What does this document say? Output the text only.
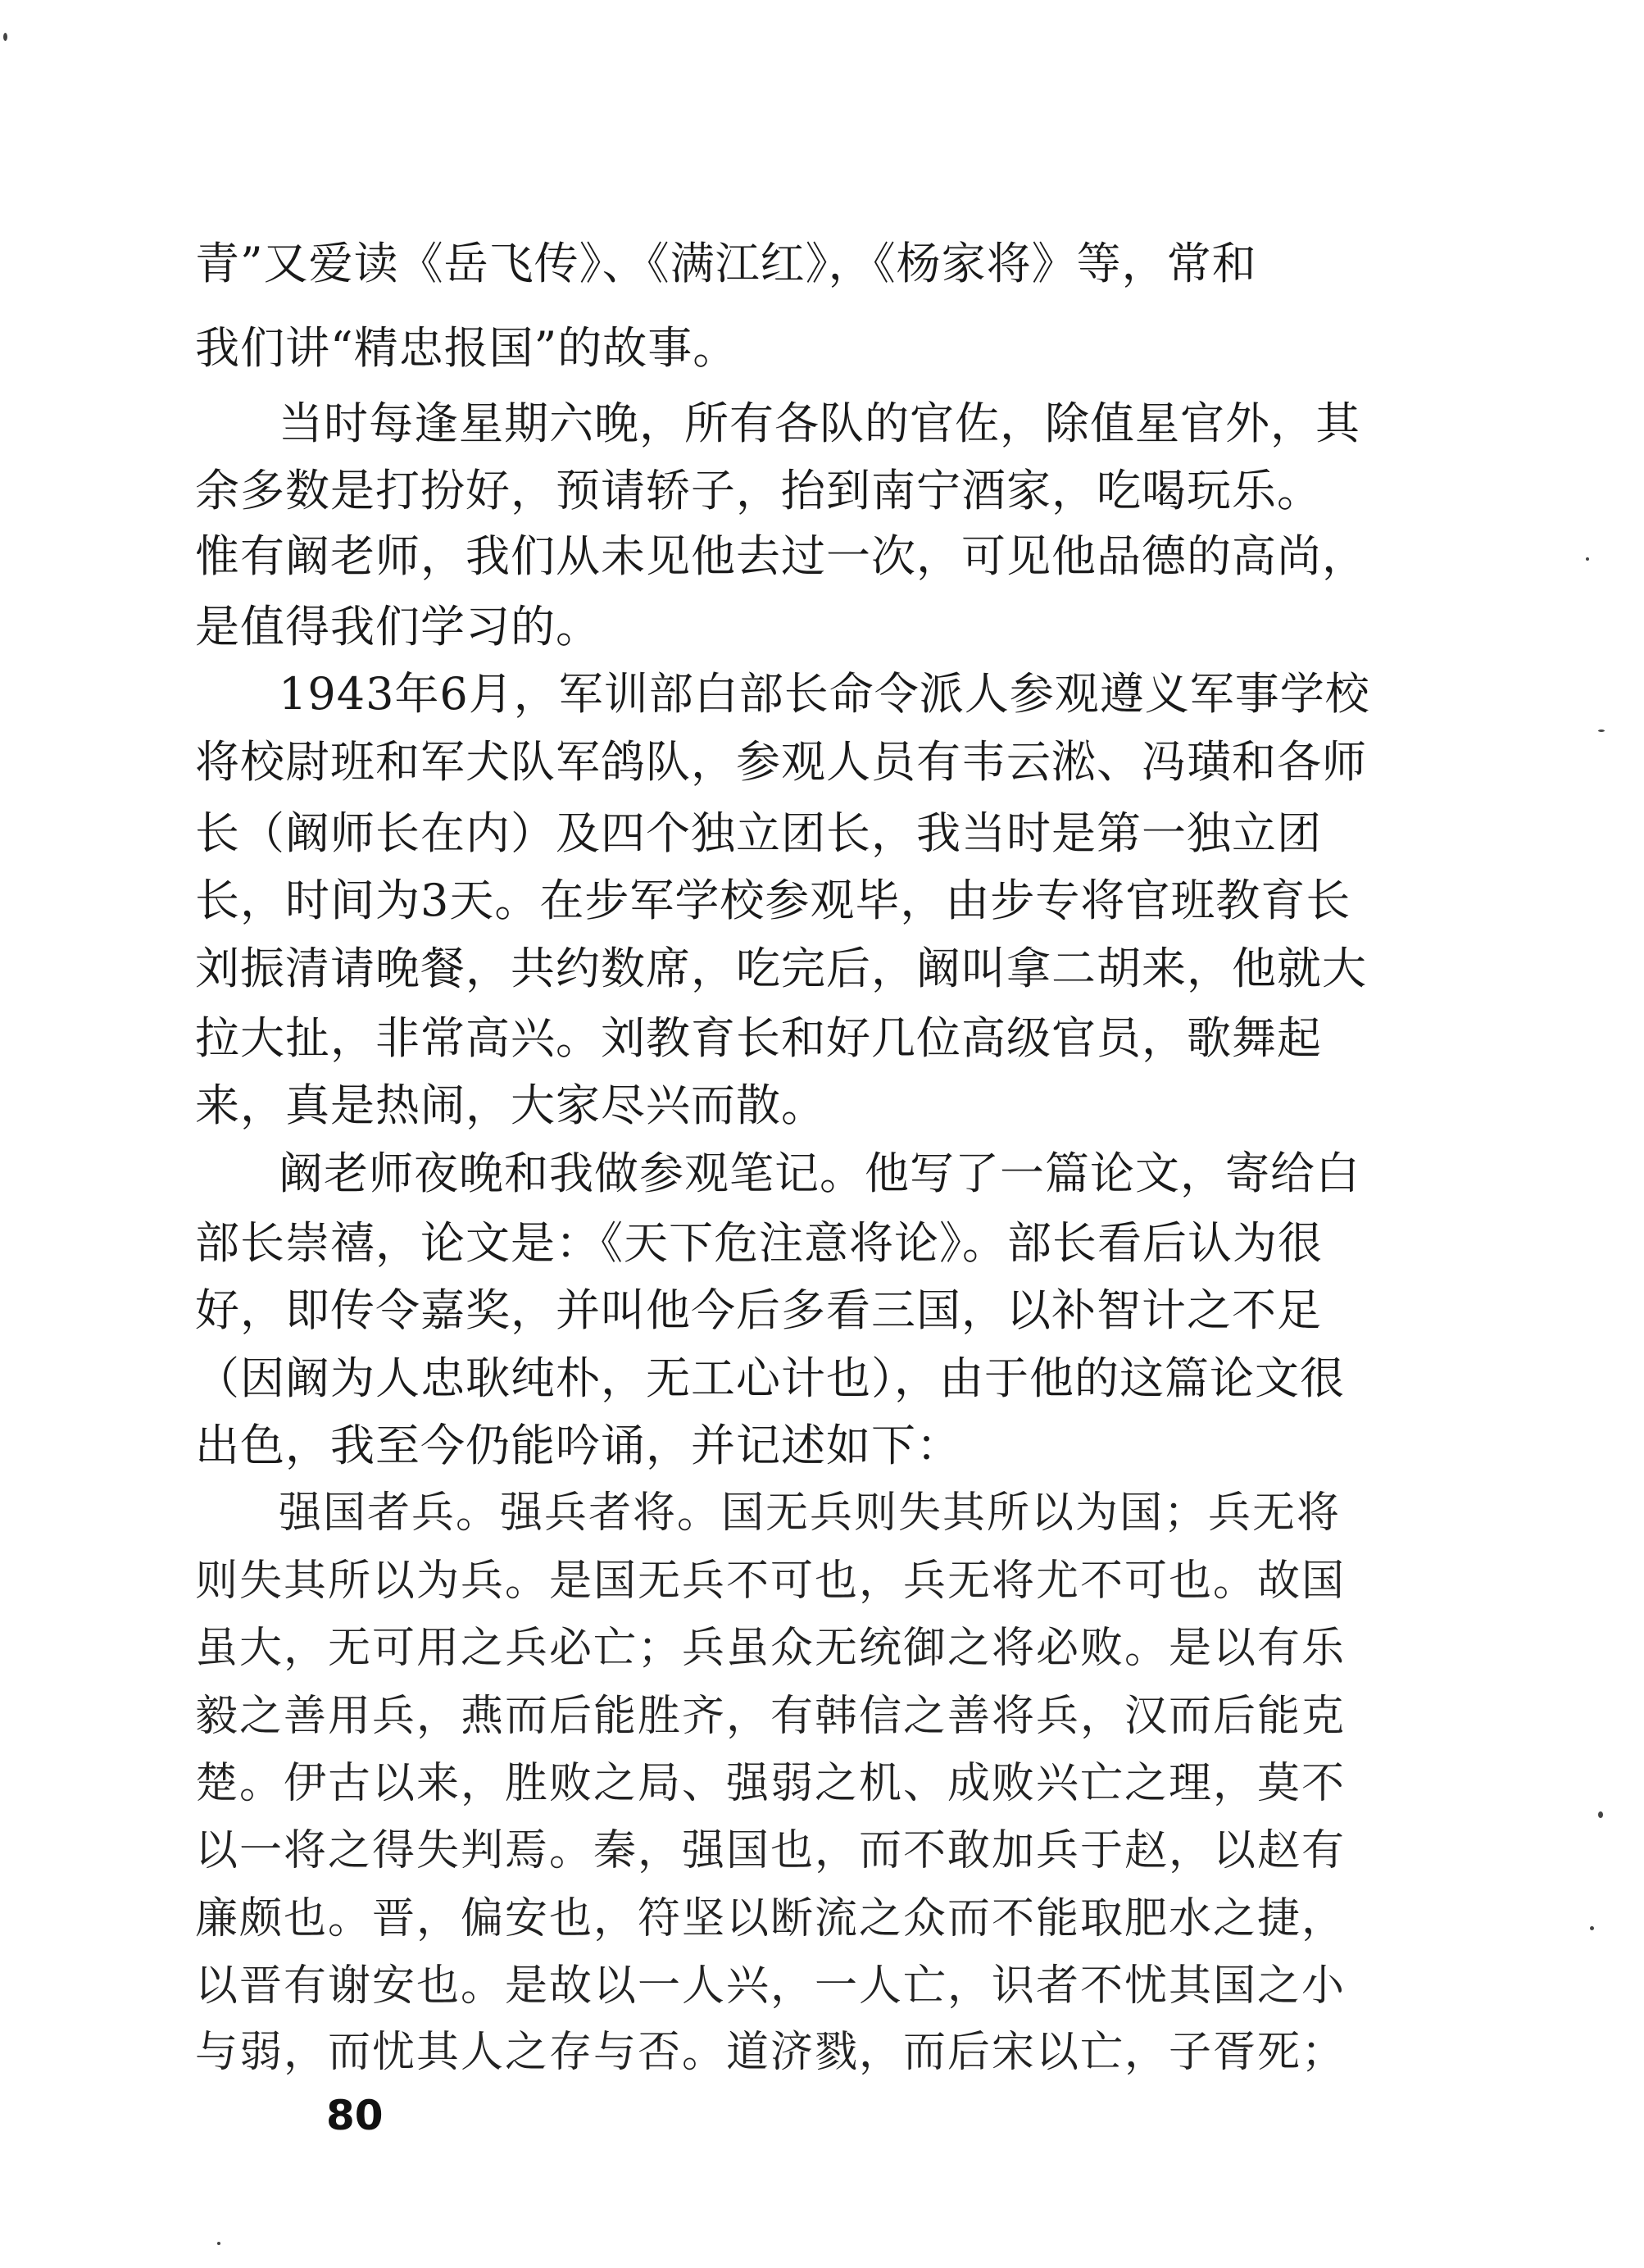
青”又爱读《岳飞传》、《满江红》，《杨家将》等，常和
我们讲“精忠报国”的故事。
当时每逢星期六晚，所有各队的官佐，除值星官外，其
余多数是打扮好，预请轿子，抬到南宁酒家，吃喝玩乐。
惟有阚老师，我们从未见他去过一次，可见他品德的高尚，
是值得我们学习的。
1943年6月，军训部白部长命令派人参观遵义军事学校
将校尉班和军犬队军鸽队，参观人员有韦云淞、冯璜和各师
长（阚师长在内）及四个独立团长，我当时是第一独立团
长，时间为3天。在步军学校参观毕，由步专将官班教育长
刘振清请晚餐，共约数席，吃完后，阚叫拿二胡来，他就大
拉大扯，非常高兴。刘教育长和好几位高级官员，歌舞起
来，真是热闹，大家尽兴而散。
阚老师夜晚和我做参观笔记。他写了一篇论文，寄给白
部长崇禧，论文是：《天下危注意将论》。部长看后认为很
好，即传令嘉奖，并叫他今后多看三国，以补智计之不足
（因阚为人忠耿纯朴，无工心计也），由于他的这篇论文很
出色，我至今仍能吟诵，并记述如下：
强国者兵。强兵者将。国无兵则失其所以为国；兵无将
则失其所以为兵。是国无兵不可也，兵无将尤不可也。故国
虽大，无可用之兵必亡；兵虽众无统御之将必败。是以有乐
毅之善用兵，燕而后能胜齐，有韩信之善将兵，汉而后能克
楚。伊古以来，胜败之局、强弱之机、成败兴亡之理，莫不
以一将之得失判焉。秦，强国也，而不敢加兵于赵，以赵有
廉颇也。晋，偏安也，符坚以断流之众而不能取肥水之捷，
以晋有谢安也。是故以一人兴，一人亡，识者不忧其国之小
与弱，而忧其人之存与否。道济戮，而后宋以亡，子胥死；
80
